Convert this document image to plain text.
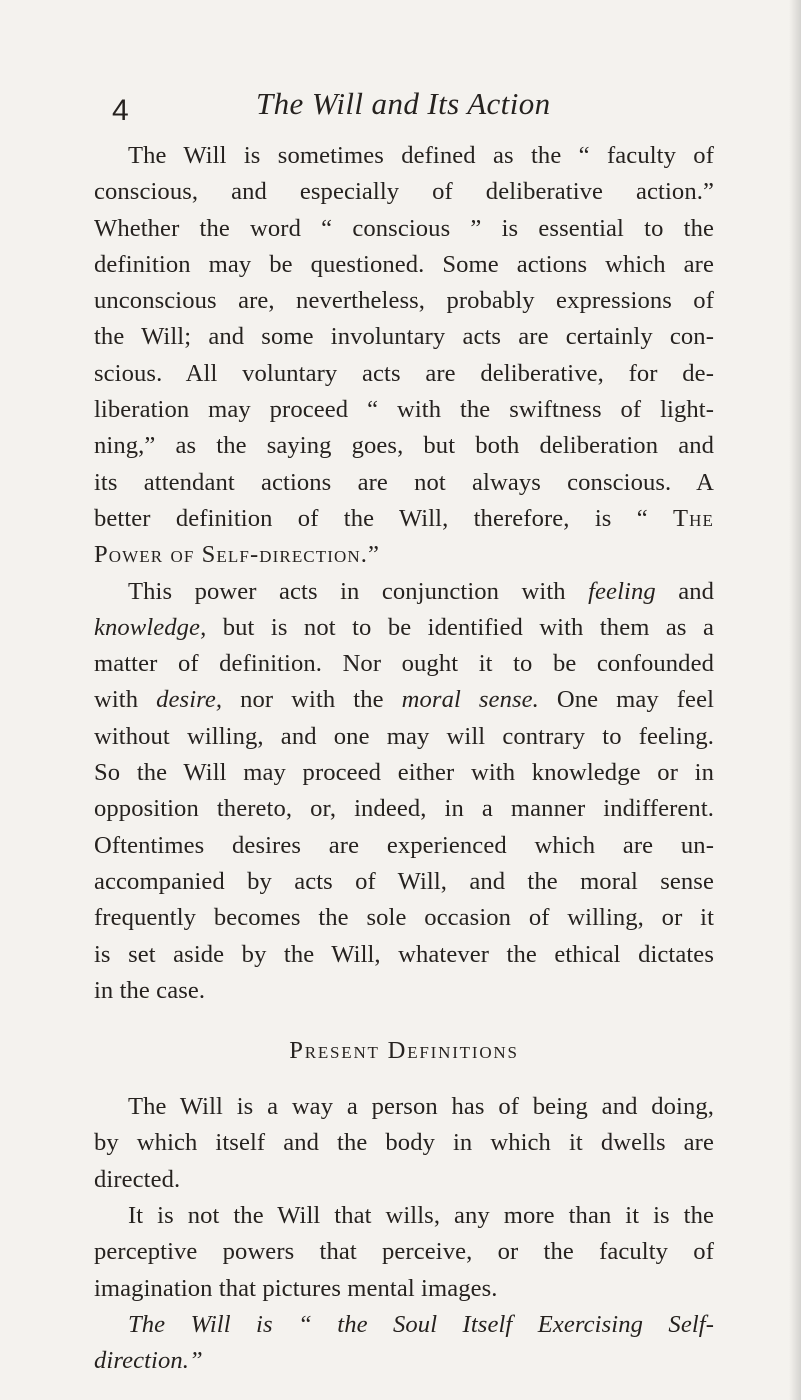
4	The Will and Its Action
The Will is sometimes defined as the “ faculty of
conscious, and especially of deliberative action.”
Whether the word “ conscious ” is essential to the
definition may be questioned. Some actions which are
unconscious are, nevertheless, probably expressions of
the Will; and some involuntary acts are certainly con-
scious. All voluntary acts are deliberative, for de-
liberation may proceed “ with the swiftness of light-
ning,” as the saying goes, but both deliberation and
its attendant actions are not always conscious. A
better definition of the Will, therefore, is “ The
Power of Self-direction.”
This power acts in conjunction with feeling and
knowledge, but is not to be identified with them as a
matter of definition. Nor ought it to be confounded
with desire, nor with the moral sense. One may feel
without willing, and one may will contrary to feeling.
So the Will may proceed either with knowledge or in
opposition thereto, or, indeed, in a manner indifferent.
Oftentimes desires are experienced which are un-
accompanied by acts of Will, and the moral sense
frequently becomes the sole occasion of willing, or it
is set aside by the Will, whatever the ethical dictates
in the case.
Present Definitions
The Will is a way a person has of being and doing,
by which itself and the body in which it dwells are
directed.
It is not the Will that wills, any more than it is the
perceptive powers that perceive, or the faculty of
imagination that pictures mental images.
The Will is “ the Soul Itself Exercising Self-
direction.”
